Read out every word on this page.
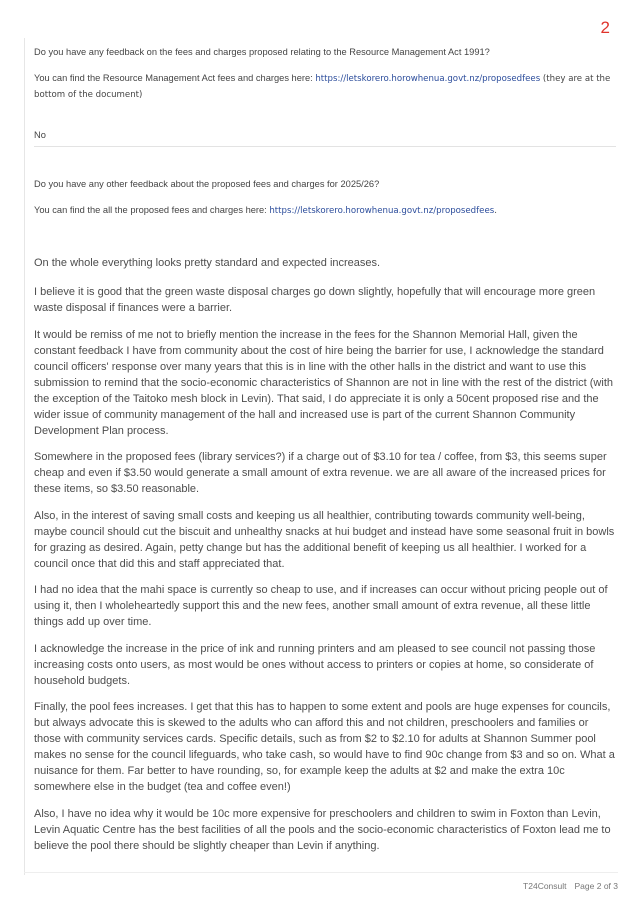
2

Do you have any feedback on the fees and charges proposed relating to the Resource Management Act 1991?

You can find the Resource Management Act fees and charges here: https://letskorero.horowhenua.govt.nz/proposedfees (they are at the bottom of the document)

No

Do you have any other feedback about the proposed fees and charges for 2025/26?

You can find the all the proposed fees and charges here: https://letskorero.horowhenua.govt.nz/proposedfees.

On the whole everything looks pretty standard and expected increases.

I believe it is good that the green waste disposal charges go down slightly, hopefully that will encourage more green waste disposal if finances were a barrier.

It would be remiss of me not to briefly mention the increase in the fees for the Shannon Memorial Hall, given the constant feedback I have from community about the cost of hire being the barrier for use, I acknowledge the standard council officers' response over many years that this is in line with the other halls in the district and want to use this submission to remind that the socio-economic characteristics of Shannon are not in line with the rest of the district (with the exception of the Taitoko mesh block in Levin). That said, I do appreciate it is only a 50cent proposed rise and the wider issue of community management of the hall and increased use is part of the current Shannon Community Development Plan process.

Somewhere in the proposed fees (library services?) if a charge out of $3.10 for tea / coffee, from $3, this seems super cheap and even if $3.50 would generate a small amount of extra revenue. we are all aware of the increased prices for these items, so $3.50 reasonable.

Also, in the interest of saving small costs and keeping us all healthier, contributing towards community well-being, maybe council should cut the biscuit and unhealthy snacks at hui budget and instead have some seasonal fruit in bowls for grazing as desired. Again, petty change but has the additional benefit of keeping us all healthier. I worked for a council once that did this and staff appreciated that.

I had no idea that the mahi space is currently so cheap to use, and if increases can occur without pricing people out of using it, then I wholeheartedly support this and the new fees, another small amount of extra revenue, all these little things add up over time.

I acknowledge the increase in the price of ink and running printers and am pleased to see council not passing those increasing costs onto users, as most would be ones without access to printers or copies at home, so considerate of household budgets.

Finally, the pool fees increases. I get that this has to happen to some extent and pools are huge expenses for councils, but always advocate this is skewed to the adults who can afford this and not children, preschoolers and families or those with community services cards. Specific details, such as from $2 to $2.10 for adults at Shannon Summer pool makes no sense for the council lifeguards, who take cash, so would have to find 90c change from $3 and so on. What a nuisance for them. Far better to have rounding, so, for example keep the adults at $2 and make the extra 10c somewhere else in the budget (tea and coffee even!)

Also, I have no idea why it would be 10c more expensive for preschoolers and children to swim in Foxton than Levin, Levin Aquatic Centre has the best facilities of all the pools and the socio-economic characteristics of Foxton lead me to believe the pool there should be slightly cheaper than Levin if anything.

T24Consult Page 2 of 3
